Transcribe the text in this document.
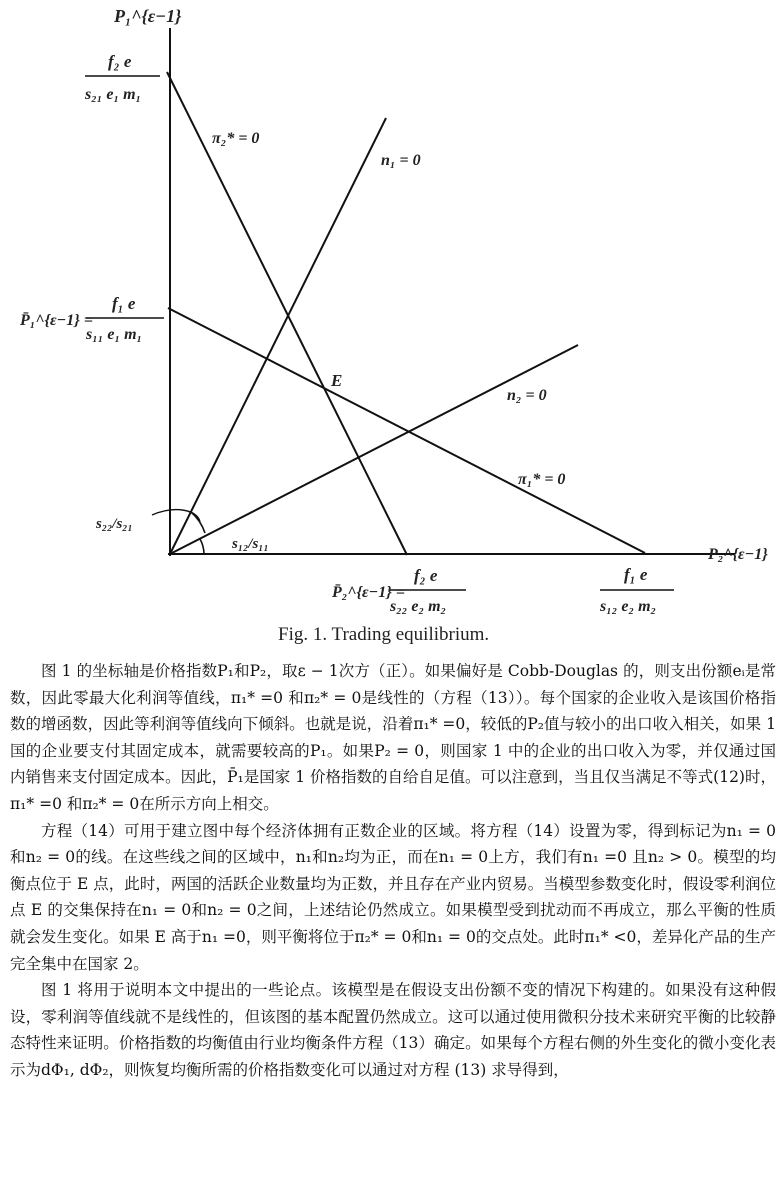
P₁^{ε−1}
P₂^{ε−1}
f₂ e
s₂₁ e₁ m₁
P̄₁^{ε−1} =
f₁ e
s₁₁ e₁ m₁
P̄₂^{ε−1} =
f₂ e
s₂₂ e₂ m₂
f₁ e
s₁₂ e₂ m₂
π₂* = 0
n₁ = 0
n₂ = 0
π₁* = 0
E
s₂₂/s₂₁
s₁₂/s₁₁
Fig. 1. Trading equilibrium.

图 1 的坐标轴是价格指数P₁和P₂，取ε − 1次方（正）。如果偏好是 Cobb-Douglas 的，则支出份额eᵢ是常数，因此零最大化利润等值线，π₁* =0 和π₂* = 0是线性的（方程（13））。每个国家的企业收入是该国价格指数的增函数，因此等利润等值线向下倾斜。也就是说，沿着π₁* =0，较低的P₂值与较小的出口收入相关，如果 1 国的企业要支付其固定成本，就需要较高的P₁。如果P₂ = 0，则国家 1 中的企业的出口收入为零，并仅通过国内销售来支付固定成本。因此，P̄₁是国家 1 价格指数的自给自足值。可以注意到，当且仅当满足不等式(12)时，π₁* =0 和π₂* = 0在所示方向上相交。

方程（14）可用于建立图中每个经济体拥有正数企业的区域。将方程（14）设置为零，得到标记为n₁ = 0和n₂ = 0的线。在这些线之间的区域中，n₁和n₂均为正，而在n₁ = 0上方，我们有n₁ =0 且n₂ > 0。模型的均衡点位于 E 点，此时，两国的活跃企业数量均为正数，并且存在产业内贸易。当模型参数变化时，假设零利润位点 E 的交集保持在n₁ = 0和n₂ = 0之间，上述结论仍然成立。如果模型受到扰动而不再成立，那么平衡的性质就会发生变化。如果 E 高于n₁ =0，则平衡将位于π₂* = 0和n₁ = 0的交点处。此时π₁* <0，差异化产品的生产完全集中在国家 2。

图 1 将用于说明本文中提出的一些论点。该模型是在假设支出份额不变的情况下构建的。如果没有这种假设，零利润等值线就不是线性的，但该图的基本配置仍然成立。这可以通过使用微积分技术来研究平衡的比较静态特性来证明。价格指数的均衡值由行业均衡条件方程（13）确定。如果每个方程右侧的外生变化的微小变化表示为dΦ₁, dΦ₂，则恢复均衡所需的价格指数变化可以通过对方程 (13) 求导得到，
